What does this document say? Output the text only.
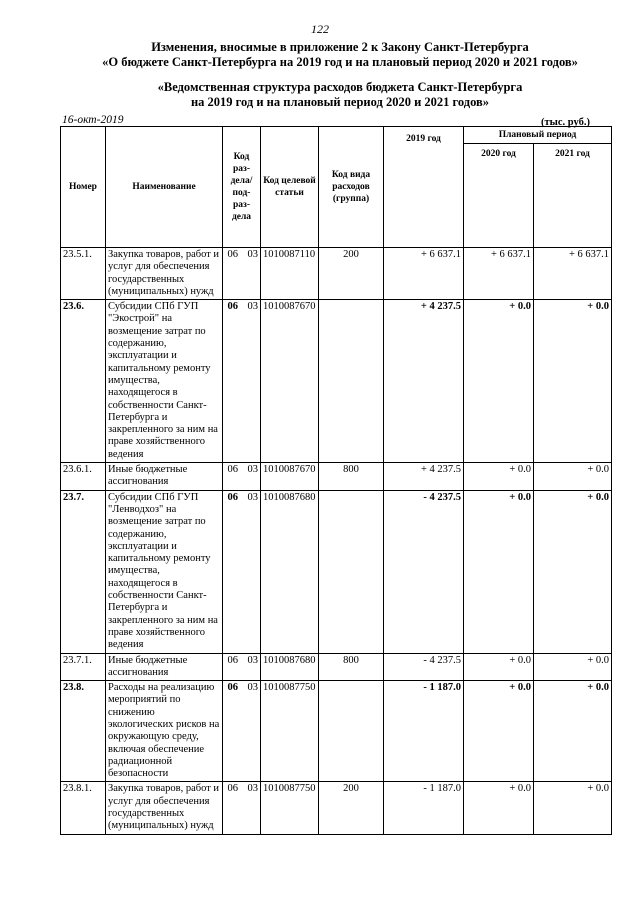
122
Изменения, вносимые в приложение 2 к Закону Санкт-Петербурга
«О бюджете Санкт-Петербурга на 2019 год и на плановый период 2020 и 2021 годов»
«Ведомственная структура расходов бюджета Санкт-Петербурга
на 2019 год и на плановый период 2020 и 2021 годов»
16-окт-2019	(тыс. руб.)
Номер	Наименование	Код раз-дела/ под-раз-дела		Код целевой статьи	Код вида расходов (группа)	2019 год	Плановый период	
							2020 год	2021 год
23.5.1.	Закупка товаров, работ и услуг для обеспечения государственных (муниципальных) нужд	06	03	1010087110	200	+ 6 637.1	+ 6 637.1	+ 6 637.1
23.6.	Субсидии СПб ГУП "Экострой" на возмещение затрат по содержанию, эксплуатации и капитальному ремонту имущества, находящегося в собственности Санкт-Петербурга и закрепленного за ним на праве хозяйственного ведения	06	03	1010087670		+ 4 237.5	+ 0.0	+ 0.0
23.6.1.	Иные бюджетные ассигнования	06	03	1010087670	800	+ 4 237.5	+ 0.0	+ 0.0
23.7.	Субсидии СПб ГУП "Ленводхоз" на возмещение затрат по содержанию, эксплуатации и капитальному ремонту имущества, находящегося в собственности Санкт-Петербурга и закрепленного за ним на праве хозяйственного ведения	06	03	1010087680		- 4 237.5	+ 0.0	+ 0.0
23.7.1.	Иные бюджетные ассигнования	06	03	1010087680	800	- 4 237.5	+ 0.0	+ 0.0
23.8.	Расходы на реализацию мероприятий по снижению экологических рисков на окружающую среду, включая обеспечение радиационной безопасности	06	03	1010087750		- 1 187.0	+ 0.0	+ 0.0
23.8.1.	Закупка товаров, работ и услуг для обеспечения государственных (муниципальных) нужд	06	03	1010087750	200	- 1 187.0	+ 0.0	+ 0.0
